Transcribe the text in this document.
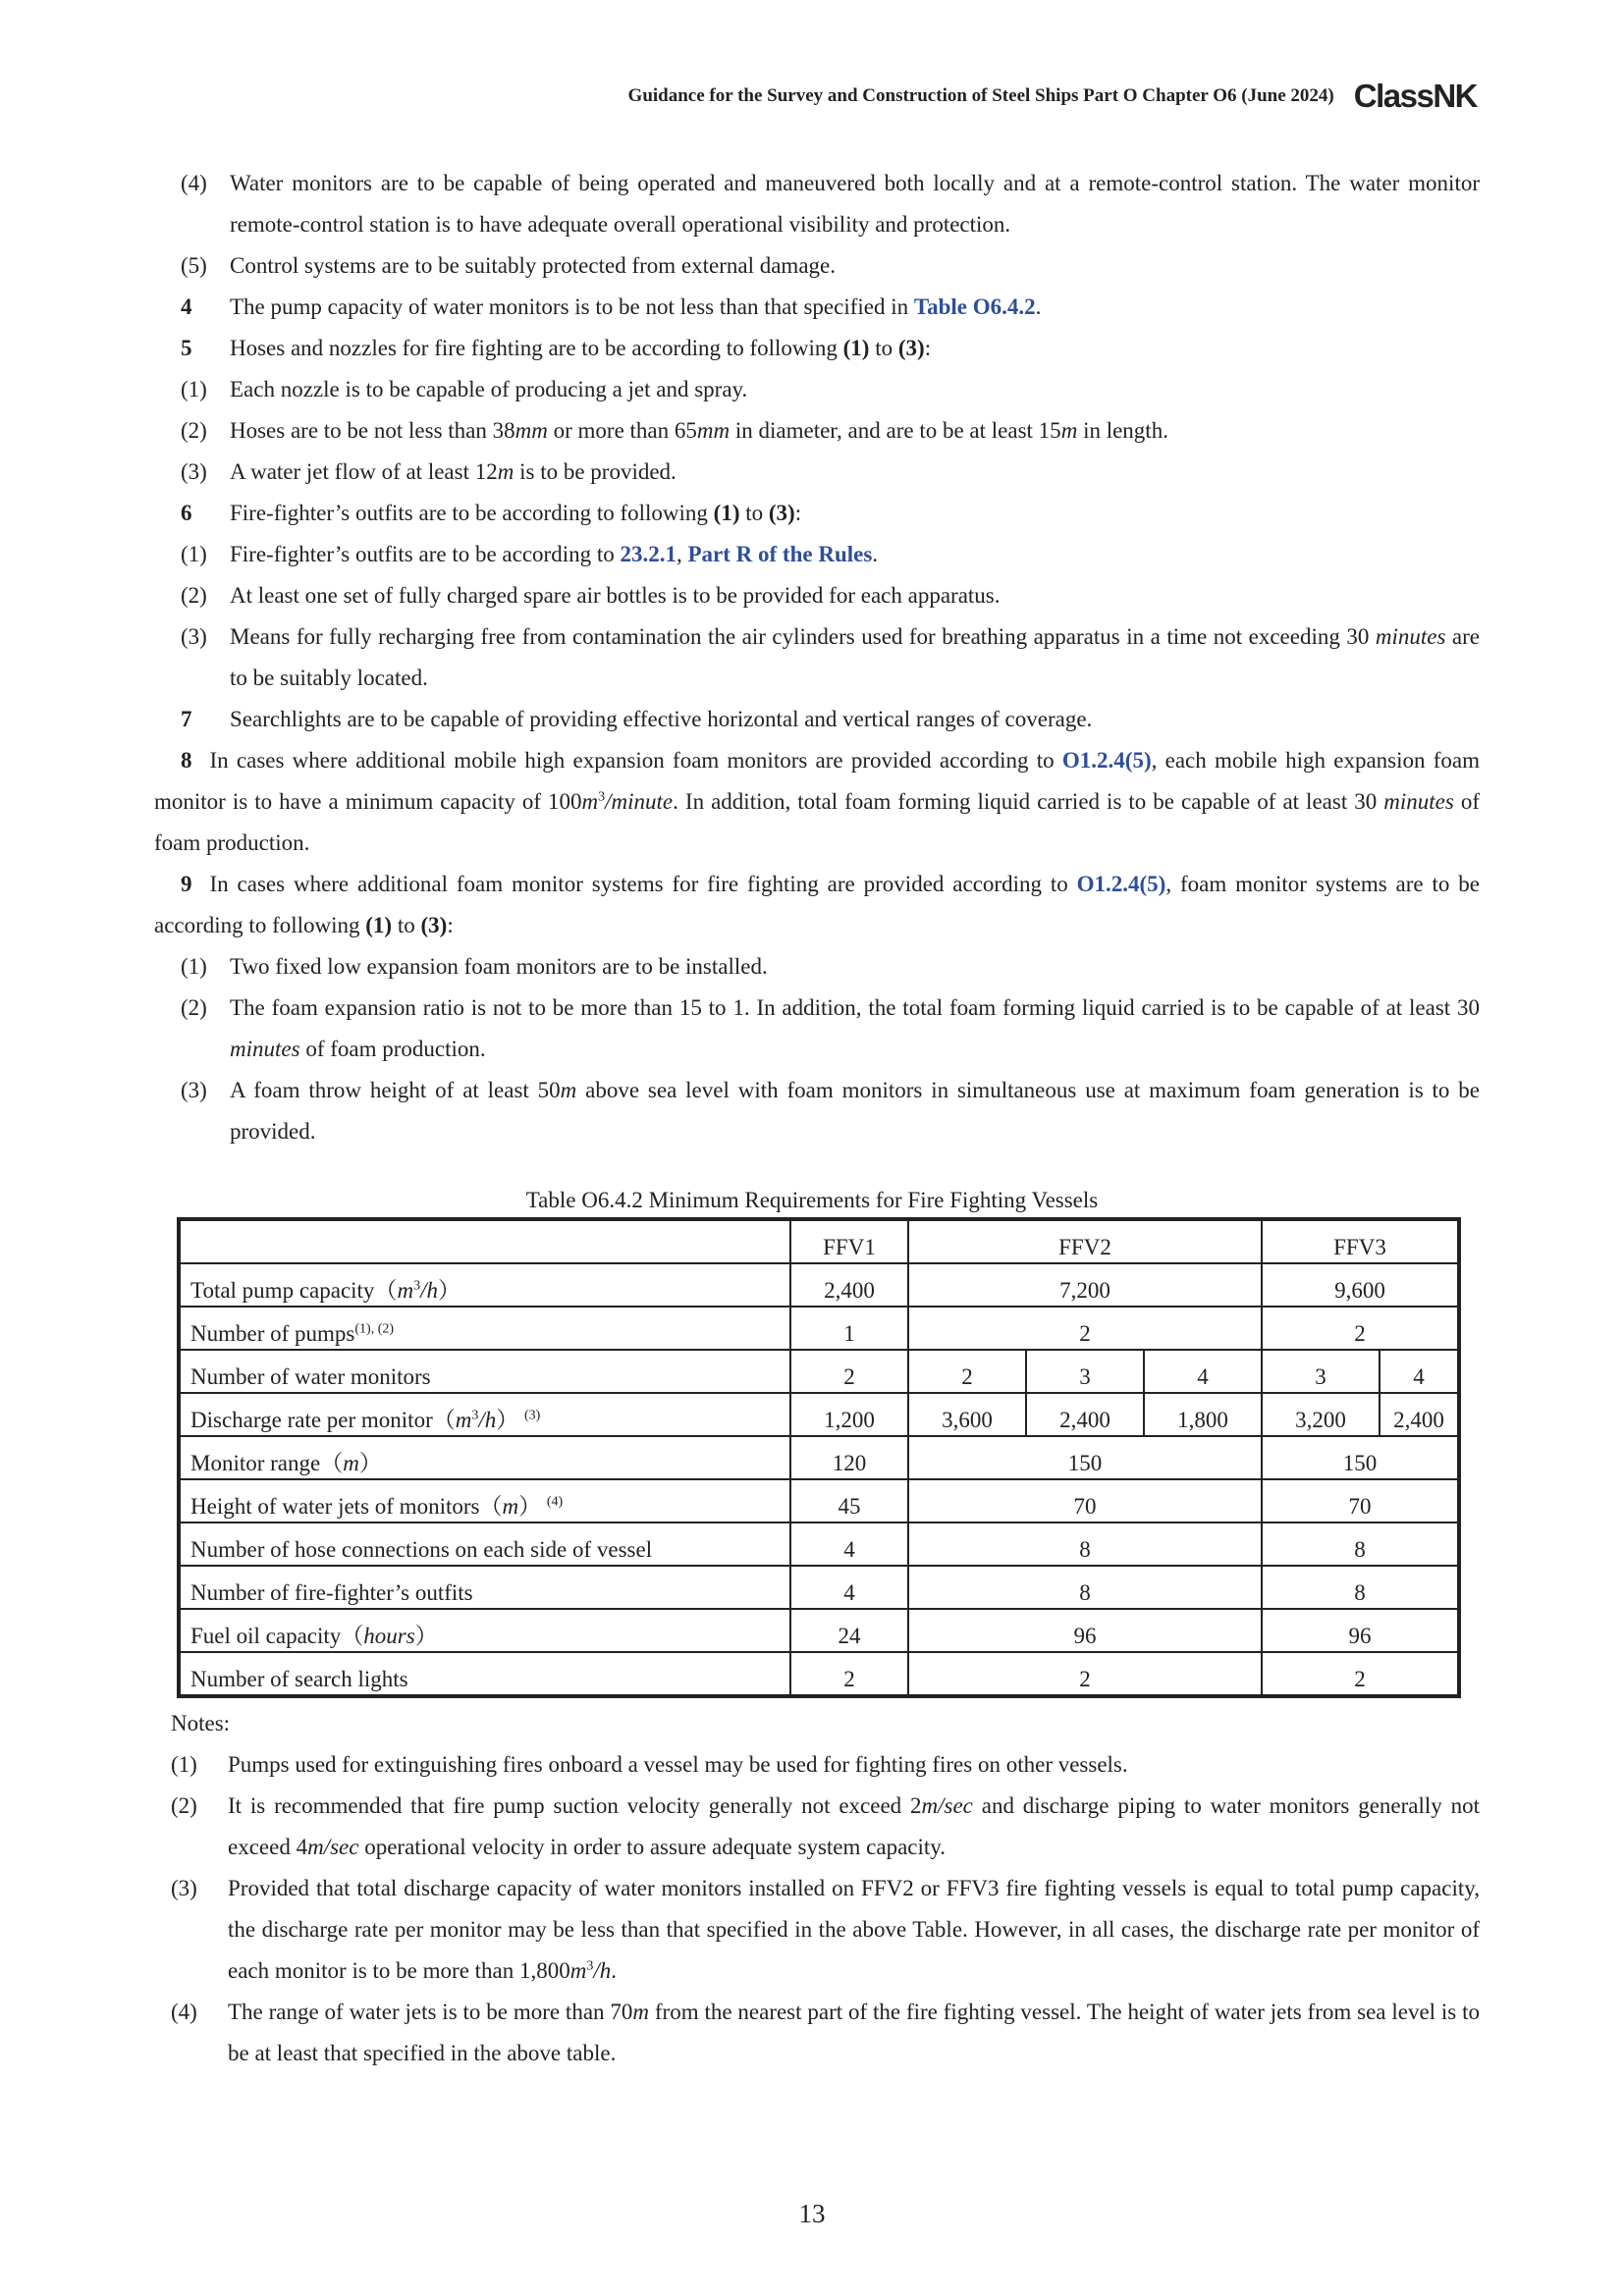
Guidance for the Survey and Construction of Steel Ships Part O Chapter O6 (June 2024) ClassNK
(4) Water monitors are to be capable of being operated and maneuvered both locally and at a remote-control station. The water monitor remote-control station is to have adequate overall operational visibility and protection.
(5) Control systems are to be suitably protected from external damage.
4 The pump capacity of water monitors is to be not less than that specified in Table O6.4.2.
5 Hoses and nozzles for fire fighting are to be according to following (1) to (3):
(1) Each nozzle is to be capable of producing a jet and spray.
(2) Hoses are to be not less than 38mm or more than 65mm in diameter, and are to be at least 15m in length.
(3) A water jet flow of at least 12m is to be provided.
6 Fire-fighter’s outfits are to be according to following (1) to (3):
(1) Fire-fighter’s outfits are to be according to 23.2.1, Part R of the Rules.
(2) At least one set of fully charged spare air bottles is to be provided for each apparatus.
(3) Means for fully recharging free from contamination the air cylinders used for breathing apparatus in a time not exceeding 30 minutes are to be suitably located.
7 Searchlights are to be capable of providing effective horizontal and vertical ranges of coverage.
8 In cases where additional mobile high expansion foam monitors are provided according to O1.2.4(5), each mobile high expansion foam monitor is to have a minimum capacity of $100m^3$/minute. In addition, total foam forming liquid carried is to be capable of at least 30 minutes of foam production.
9 In cases where additional foam monitor systems for fire fighting are provided according to O1.2.4(5), foam monitor systems are to be according to following (1) to (3):
(1) Two fixed low expansion foam monitors are to be installed.
(2) The foam expansion ratio is not to be more than 15 to 1. In addition, the total foam forming liquid carried is to be capable of at least 30 minutes of foam production.
(3) A foam throw height of at least 50m above sea level with foam monitors in simultaneous use at maximum foam generation is to be provided.
Table O6.4.2 Minimum Requirements for Fire Fighting Vessels
	FFV1	FFV2			FFV3	
Total pump $capacity(m^3/h)$	2,400	7,200			9,600	
Number of pumps$^{(1), (2)}$	1	2			2	
Number of water monitors	2	2	3	4	3	4
Discharge rate per $monitor(m^3/h)$ $^{(3)}$	1,200	3,600	2,400	1,800	3,200	2,400
Monitor range（m）	120	150			150	
Height of water jets of monitors（m） $^{(4)}$	45	70			70	
Number of hose connections on each side of vessel	4	8			8	
Number of fire-fighter’s outfits	4	8			8	
Fuel oil capacity（hours）	24	96			96	
Number of search lights	2	2			2	
Notes:
(1) Pumps used for extinguishing fires onboard a vessel may be used for fighting fires on other vessels.
(2) It is recommended that fire pump suction velocity generally not exceed 2m/sec and discharge piping to water monitors generally not exceed 4m/sec operational velocity in order to assure adequate system capacity.
(3) Provided that total discharge capacity of water monitors installed on FFV2 or FFV3 fire fighting vessels is equal to total pump capacity, the discharge rate per monitor may be less than that specified in the above Table. However, in all cases, the discharge rate per monitor of each monitor is to be more than $1,800m^3/h$.
(4) The range of water jets is to be more than 70m from the nearest part of the fire fighting vessel. The height of water jets from sea level is to be at least that specified in the above table.
13
